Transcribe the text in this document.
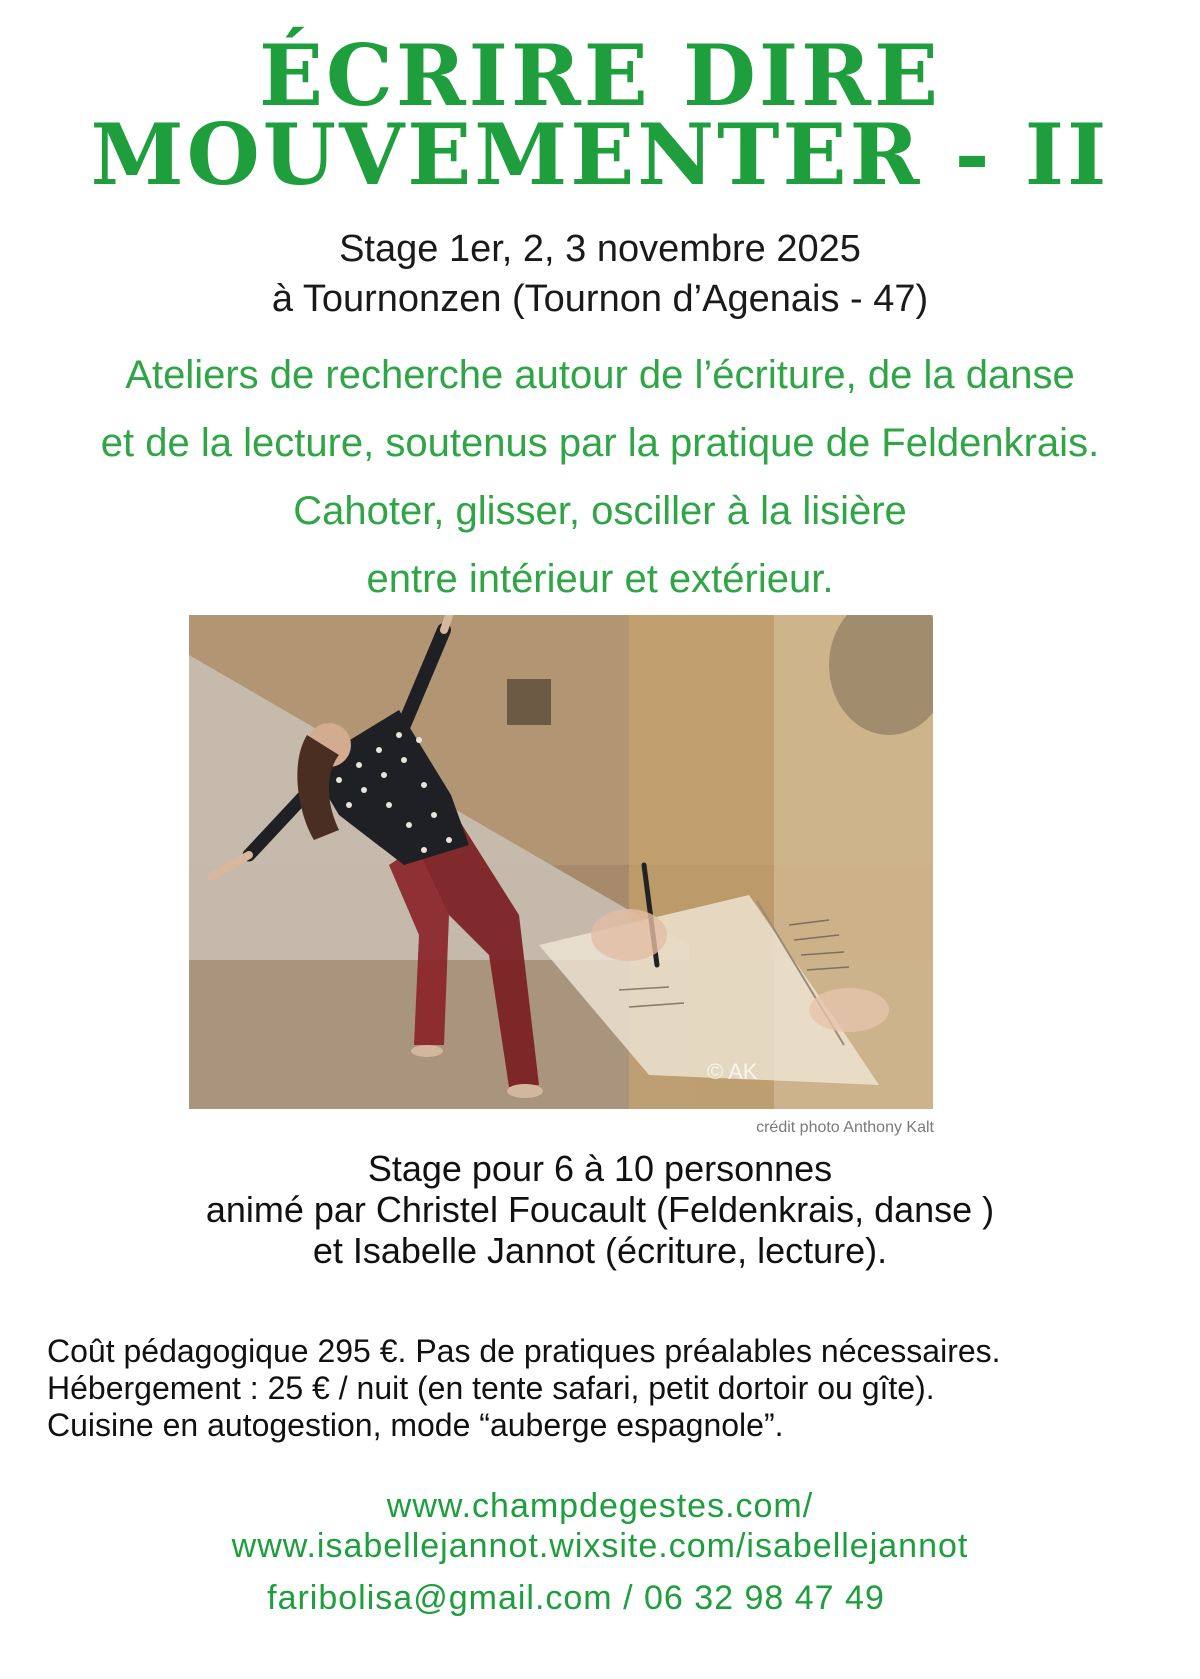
ÉCRIRE DIRE
MOUVEMENTER - II

Stage 1er, 2, 3 novembre 2025

à Tournonzen (Tournon d’Agenais - 47)

Ateliers de recherche autour de l’écriture, de la danse

et de la lecture, soutenus par la pratique de Feldenkrais.

Cahoter, glisser, osciller à la lisière

entre intérieur et extérieur.

© AK
crédit photo Anthony Kalt

Stage pour 6 à 10 personnes

animé par Christel Foucault (Feldenkrais, danse )

et Isabelle Jannot (écriture, lecture).

Coût pédagogique 295 €. Pas de pratiques préalables nécessaires.

Hébergement : 25 € / nuit (en tente safari, petit dortoir ou gîte).

Cuisine en autogestion, mode “auberge espagnole”.

www.champdegestes.com/

www.isabellejannot.wixsite.com/isabellejannot

faribolisa@gmail.com / 06 32 98 47 49
